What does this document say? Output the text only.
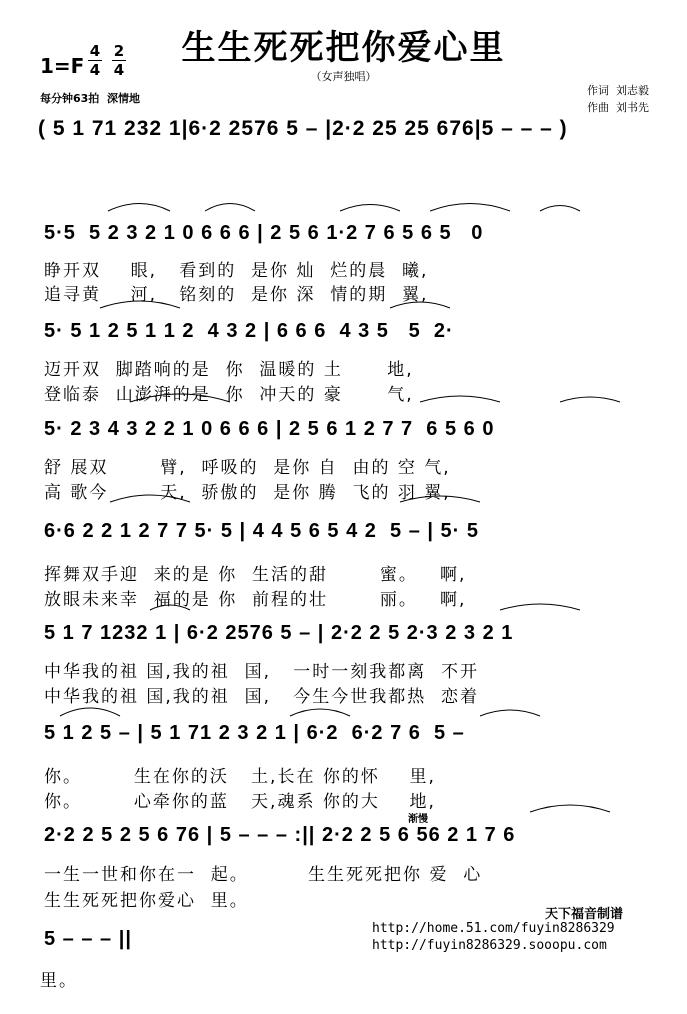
生生死死把你爱心里
（女声独唱）
1=F
4
4
2
4
每分钟63拍  深情地
作词  刘志毅
作曲  刘书先
( 5 1 71 232 1|6·2 2576 5 – |2·2 25 25 676|5 – – – )
5·5  5 2 3 2 1 0 6 6 6 | 2 5 6 1·2 7 6 5 6 5   0
睁开双    眼,   看到的  是你 灿  烂的晨  曦,
追寻黄    河,   铭刻的  是你 深  情的期  翼,
5· 5 1 2 5 1 1 2  4 3 2 | 6 6 6  4 3 5   5  2·
迈开双  脚踏响的是  你  温暖的 土      地,
登临泰  山澎湃的是  你  冲天的 豪      气,
5· 2 3 4 3 2 2 1 0 6 6 6 | 2 5 6 1 2 7 7  6 5 6 0
舒 展双       臂,  呼吸的  是你 自  由的 空 气,
高 歌今       天,  骄傲的  是你 腾  飞的 羽 翼,
6·6 2 2 1 2 7 7 5· 5 | 4 4 5 6 5 4 2  5 – | 5· 5
挥舞双手迎  来的是 你  生活的甜       蜜。   啊,
放眼未来幸  福的是 你  前程的壮       丽。   啊,
5 1 7 1232 1 | 6·2 2576 5 – | 2·2 2 5 2·3 2 3 2 1
中华我的祖 国,我的祖  国,   一时一刻我都离  不开
中华我的祖 国,我的祖  国,   今生今世我都热  恋着
5 1 2 5 – | 5 1 71 2 3 2 1 | 6·2  6·2 7 6  5 –
你。       生在你的沃   土,长在 你的怀    里,
你。       心牵你的蓝   天,魂系 你的大    地,
渐慢
2·2 2 5 2 5 6 76 | 5 – – – :|| 2·2 2 5 6 56 2 1 7 6
一生一世和你在一  起。        生生死死把你 爱  心
生生死死把你爱心  里。
5 – – – ||
里。
天下福音制谱
http://home.51.com/fuyin8286329
http://fuyin8286329.sooopu.com
